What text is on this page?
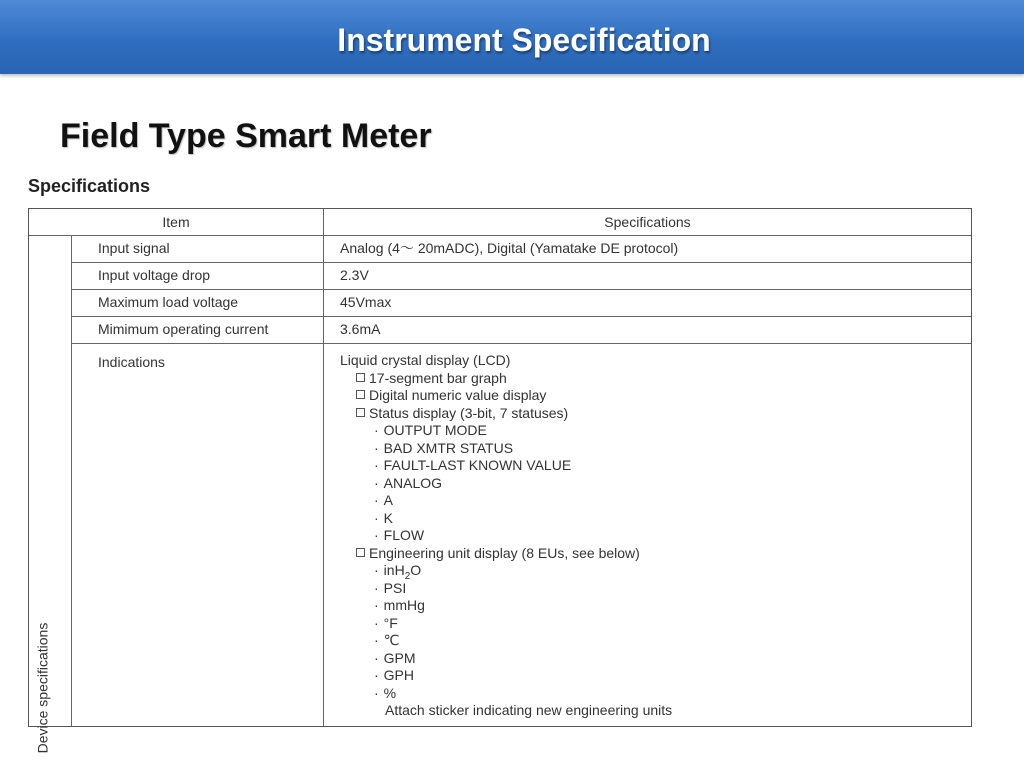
Instrument Specification
Field Type Smart Meter
Specifications
Item	Specifications
Device specifications
Input signal	Analog (4〜 20mADC), Digital (Yamatake DE protocol)
Input voltage drop	2.3V
Maximum load voltage	45Vmax
Mimimum operating current	3.6mA
Indications	Liquid crystal display (LCD)
17-segment bar graph
Digital numeric value display
Status display (3-bit, 7 statuses)
· OUTPUT MODE
· BAD XMTR STATUS
· FAULT-LAST KNOWN VALUE
· ANALOG
· A
· K
· FLOW
Engineering unit display (8 EUs, see below)
· inH$_2$O
· PSI
· mmHg
· °F
· ℃
· GPM
· GPH
· %
Attach sticker indicating new engineering units
